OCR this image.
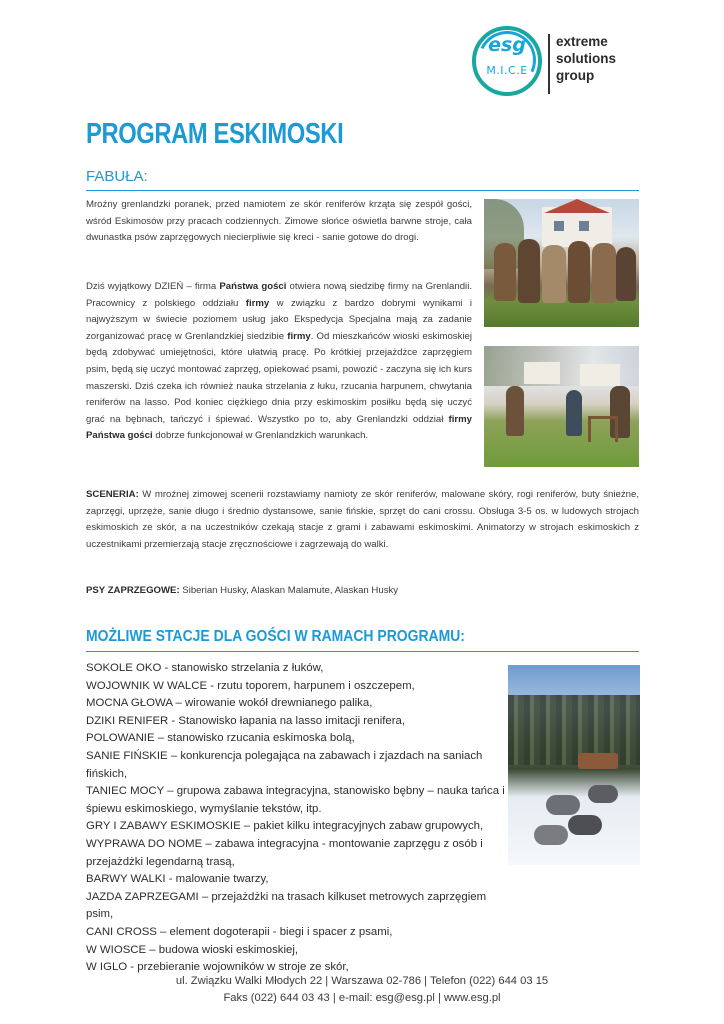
esg
M.I.C.E
extreme
solutions
group
PROGRAM ESKIMOSKI
FABUŁA:
Mroźny grenlandzki poranek, przed namiotem ze skór reniferów krząta się zespół gości, wśród Eskimosów przy pracach codziennych. Zimowe słońce oświetla barwne stroje, cała dwunastka psów zaprzęgowych niecierpliwie się kreci - sanie gotowe do drogi.
Dziś wyjątkowy DZIEŃ – firma Państwa gości otwiera nową siedzibę firmy na Grenlandii. Pracownicy z polskiego oddziału firmy w związku z bardzo dobrymi wynikami i najwyższym w świecie poziomem usług jako Ekspedycja Specjalna mają za zadanie zorganizować pracę w Grenlandzkiej siedzibie firmy. Od mieszkańców wioski eskimoskiej będą zdobywać umiejętności, które ułatwią pracę. Po krótkiej przejażdżce zaprzęgiem psim, będą się uczyć montować zaprzęg, opiekować psami, powozić - zaczyna się ich kurs maszerski. Dziś czeka ich również nauka strzelania z łuku, rzucania harpunem, chwytania reniferów na lasso. Pod koniec ciężkiego dnia przy eskimoskim posiłku będą się uczyć grać na bębnach, tańczyć i śpiewać. Wszystko po to, aby Grenlandzki oddział firmy Państwa gości dobrze funkcjonował w Grenlandzkich warunkach.
SCENERIA: W mroźnej zimowej scenerii rozstawiamy namioty ze skór reniferów, malowane skóry, rogi reniferów, buty śnieżne, zaprzęgi, uprzęże, sanie długo i średnio dystansowe, sanie fińskie, sprzęt do cani crossu. Obsługa 3-5 os. w ludowych strojach eskimoskich ze skór, a na uczestników czekają stacje z grami i zabawami eskimoskimi. Animatorzy w strojach eskimoskich z uczestnikami przemierzają stacje zręcznościowe i zagrzewają do walki.
PSY ZAPRZEGOWE: Siberian Husky, Alaskan Malamute, Alaskan Husky
MOŻLIWE STACJE DLA GOŚCI W RAMACH PROGRAMU:
SOKOLE OKO - stanowisko strzelania z łuków,
WOJOWNIK W WALCE - rzutu toporem, harpunem i oszczepem,
MOCNA GŁOWA – wirowanie wokół drewnianego palika,
DZIKI RENIFER - Stanowisko łapania na lasso imitacji renifera,
POLOWANIE – stanowisko rzucania eskimoska bolą,
SANIE FIŃSKIE – konkurencja polegająca na zabawach i zjazdach na saniach fińskich,
TANIEC MOCY – grupowa zabawa integracyjna, stanowisko bębny – nauka tańca i śpiewu eskimoskiego, wymyślanie tekstów, itp.
GRY I ZABAWY ESKIMOSKIE – pakiet kilku integracyjnych zabaw grupowych,
WYPRAWA DO NOME – zabawa integracyjna - montowanie zaprzęgu z osób i przejażdżki legendarną trasą,
BARWY WALKI - malowanie twarzy,
JAZDA ZAPRZEGAMI – przejażdżki na trasach kilkuset metrowych zaprzęgiem psim,
CANI CROSS – element dogoterapii - biegi i spacer z psami,
W WIOSCE – budowa wioski eskimoskiej,
W IGLO - przebieranie wojowników w stroje ze skór,
ul. Związku Walki Młodych 22 | Warszawa 02-786 | Telefon (022) 644 03 15
Faks (022) 644 03 43 | e-mail: esg@esg.pl | www.esg.pl
